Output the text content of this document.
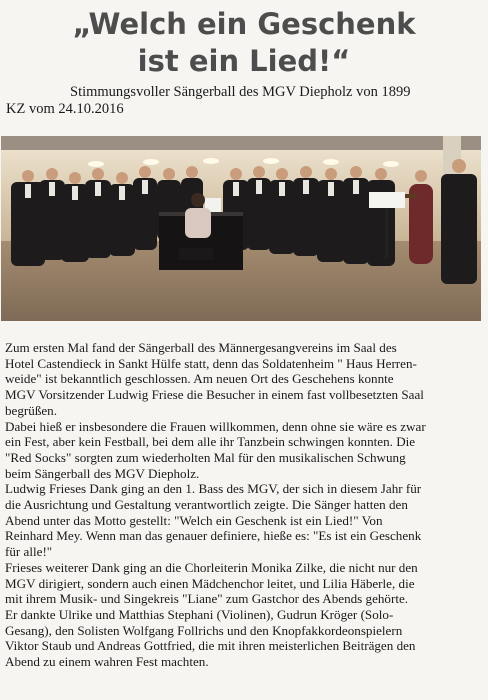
„Welch ein Geschenk
ist ein Lied!“
Stimmungsvoller Sängerball des MGV Diepholz von 1899
KZ vom 24.10.2016

Zum ersten Mal fand der Sängerball des Männergesangvereins im Saal des
Hotel Castendieck in Sankt Hülfe statt, denn das Soldatenheim " Haus Herren-
weide" ist bekanntlich geschlossen. Am neuen Ort des Geschehens konnte
MGV Vorsitzender Ludwig Friese die Besucher in einem fast vollbesetzten Saal
begrüßen.

Dabei hieß er insbesondere die Frauen willkommen, denn ohne sie wäre es zwar
ein Fest, aber kein Festball, bei dem alle ihr Tanzbein schwingen konnten. Die
"Red Socks" sorgten zum wiederholten Mal für den musikalischen Schwung
beim Sängerball des MGV Diepholz.

Ludwig Frieses Dank ging an den 1. Bass des MGV, der sich in diesem Jahr für
die Ausrichtung und Gestaltung verantwortlich zeigte. Die Sänger hatten den
Abend unter das Motto gestellt: "Welch ein Geschenk ist ein Lied!" Von
Reinhard Mey. Wenn man das genauer definiere, hieße es: "Es ist ein Geschenk
für alle!"

Frieses weiterer Dank ging an die Chorleiterin Monika Zilke, die nicht nur den
MGV dirigiert, sondern auch einen Mädchenchor leitet, und Lilia Häberle, die
mit ihrem Musik- und Singekreis "Liane" zum Gastchor des Abends gehörte.

Er dankte Ulrike und Matthias Stephani (Violinen), Gudrun Kröger (Solo-
Gesang), den Solisten Wolfgang Follrichs und den Knopfakkordeonspielern
Viktor Staub und Andreas Gottfried, die mit ihren meisterlichen Beiträgen den
Abend zu einem wahren Fest machten.
